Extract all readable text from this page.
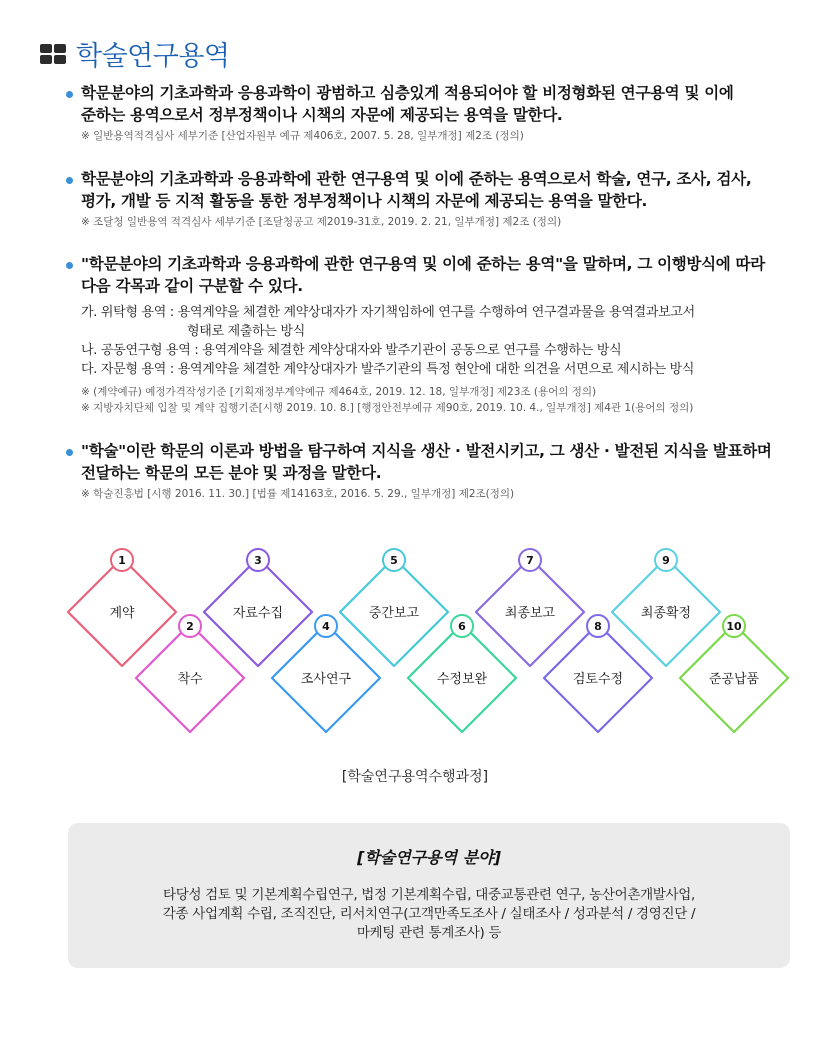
학술연구용역
학문분야의 기초과학과 응용과학이 광범하고 심층있게 적용되어야 할 비정형화된 연구용역 및 이에
준하는 용역으로서 정부정책이나 시책의 자문에 제공되는 용역을 말한다.
※ 일반용역적격심사 세부기준 [산업자원부 예규 제406호, 2007. 5. 28, 일부개정] 제2조 (정의)
학문분야의 기초과학과 응용과학에 관한 연구용역 및 이에 준하는 용역으로서 학술, 연구, 조사, 검사,
평가, 개발 등 지적 활동을 통한 정부정책이나 시책의 자문에 제공되는 용역을 말한다.
※ 조달청 일반용역 적격심사 세부기준 [조달청공고 제2019-31호, 2019. 2. 21, 일부개정] 제2조 (정의)
"학문분야의 기초과학과 응용과학에 관한 연구용역 및 이에 준하는 용역"을 말하며, 그 이행방식에 따라
다음 각목과 같이 구분할 수 있다.
가. 위탁형 용역 : 용역계약을 체결한 계약상대자가 자기책임하에 연구를 수행하여 연구결과물을 용역결과보고서
형태로 제출하는 방식
나. 공동연구형 용역 : 용역계약을 체결한 계약상대자와 발주기관이 공동으로 연구를 수행하는 방식
다. 자문형 용역 : 용역계약을 체결한 계약상대자가 발주기관의 특정 현안에 대한 의견을 서면으로 제시하는 방식
※ (계약예규) 예정가격작성기준 [기획재정부계약예규 제464호, 2019. 12. 18, 일부개정] 제23조 (용어의 정의)
※ 지방자치단체 입찰 및 계약 집행기준[시행 2019. 10. 8.] [행정안전부예규 제90호, 2019. 10. 4., 일부개정] 제4관 1(용어의 정의)
"학술"이란 학문의 이론과 방법을 탐구하여 지식을 생산 · 발전시키고, 그 생산 · 발전된 지식을 발표하며
전달하는 학문의 모든 분야 및 과정을 말한다.
※ 학술진흥법 [시행 2016. 11. 30.] [법률 제14163호, 2016. 5. 29., 일부개정] 제2조(정의)
1
계약
2
착수
3
자료수집
4
조사연구
5
중간보고
6
수정보완
7
최종보고
8
검토수정
9
최종확정
10
준공납품
[학술연구용역수행과정]
[학술연구용역 분야]
타당성 검토 및 기본계획수립연구, 법정 기본계획수립, 대중교통관련 연구, 농산어촌개발사업,
각종 사업계획 수립, 조직진단, 리서치연구(고객만족도조사 / 실태조사 / 성과분석 / 경영진단 /
마케팅 관련 통계조사) 등
